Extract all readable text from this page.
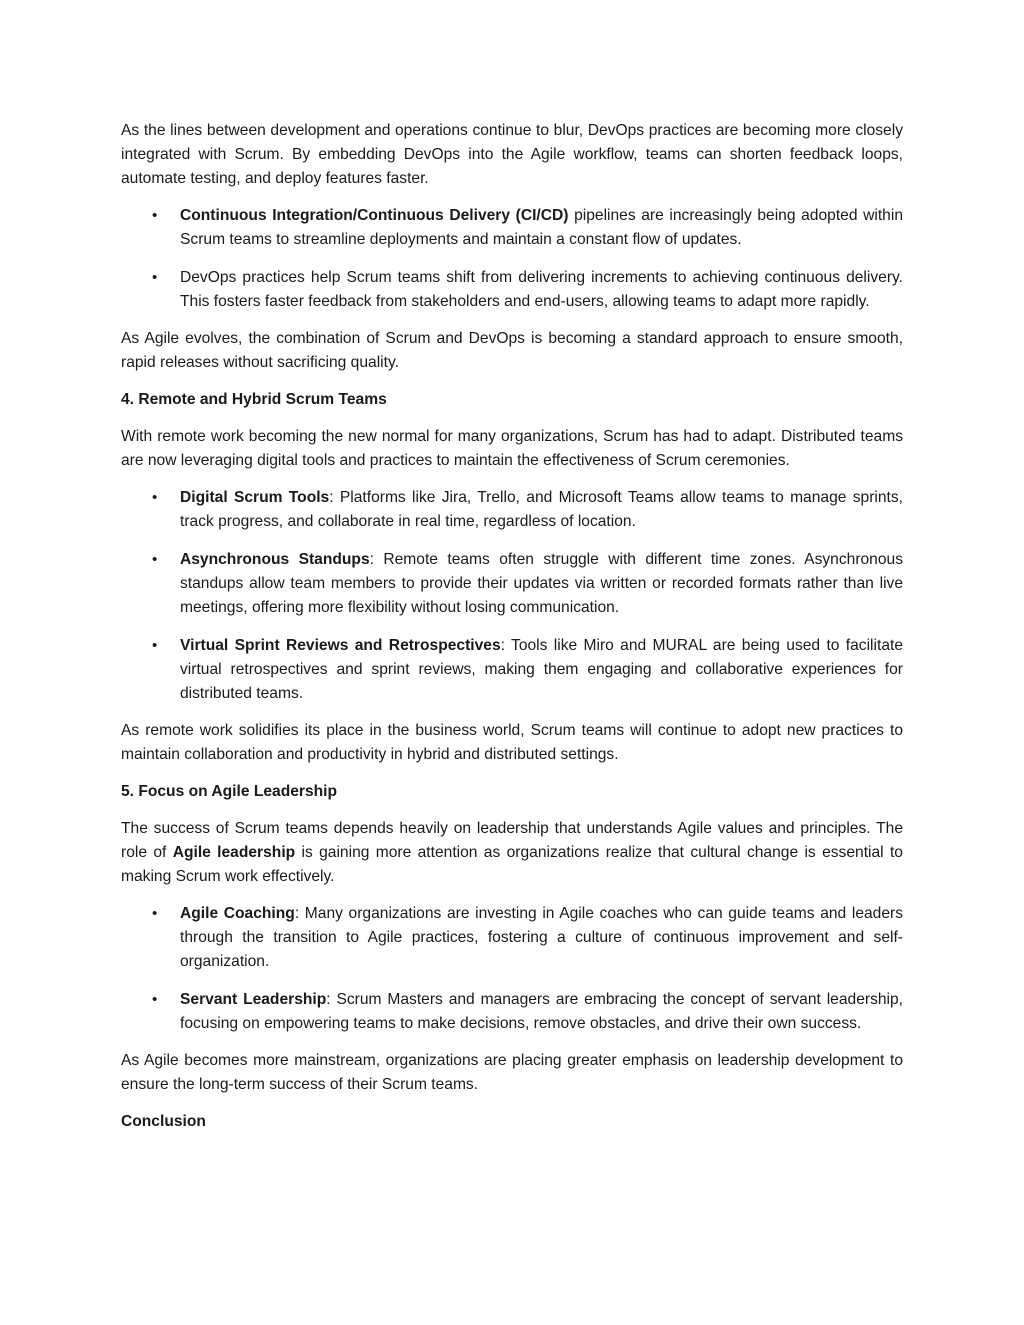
As the lines between development and operations continue to blur, DevOps practices are becoming more closely integrated with Scrum. By embedding DevOps into the Agile workflow, teams can shorten feedback loops, automate testing, and deploy features faster.

• Continuous Integration/Continuous Delivery (CI/CD) pipelines are increasingly being adopted within Scrum teams to streamline deployments and maintain a constant flow of updates.
• DevOps practices help Scrum teams shift from delivering increments to achieving continuous delivery. This fosters faster feedback from stakeholders and end-users, allowing teams to adapt more rapidly.

As Agile evolves, the combination of Scrum and DevOps is becoming a standard approach to ensure smooth, rapid releases without sacrificing quality.

4. Remote and Hybrid Scrum Teams

With remote work becoming the new normal for many organizations, Scrum has had to adapt. Distributed teams are now leveraging digital tools and practices to maintain the effectiveness of Scrum ceremonies.

• Digital Scrum Tools: Platforms like Jira, Trello, and Microsoft Teams allow teams to manage sprints, track progress, and collaborate in real time, regardless of location.
• Asynchronous Standups: Remote teams often struggle with different time zones. Asynchronous standups allow team members to provide their updates via written or recorded formats rather than live meetings, offering more flexibility without losing communication.
• Virtual Sprint Reviews and Retrospectives: Tools like Miro and MURAL are being used to facilitate virtual retrospectives and sprint reviews, making them engaging and collaborative experiences for distributed teams.

As remote work solidifies its place in the business world, Scrum teams will continue to adopt new practices to maintain collaboration and productivity in hybrid and distributed settings.

5. Focus on Agile Leadership

The success of Scrum teams depends heavily on leadership that understands Agile values and principles. The role of Agile leadership is gaining more attention as organizations realize that cultural change is essential to making Scrum work effectively.

• Agile Coaching: Many organizations are investing in Agile coaches who can guide teams and leaders through the transition to Agile practices, fostering a culture of continuous improvement and self-organization.
• Servant Leadership: Scrum Masters and managers are embracing the concept of servant leadership, focusing on empowering teams to make decisions, remove obstacles, and drive their own success.

As Agile becomes more mainstream, organizations are placing greater emphasis on leadership development to ensure the long-term success of their Scrum teams.

Conclusion
